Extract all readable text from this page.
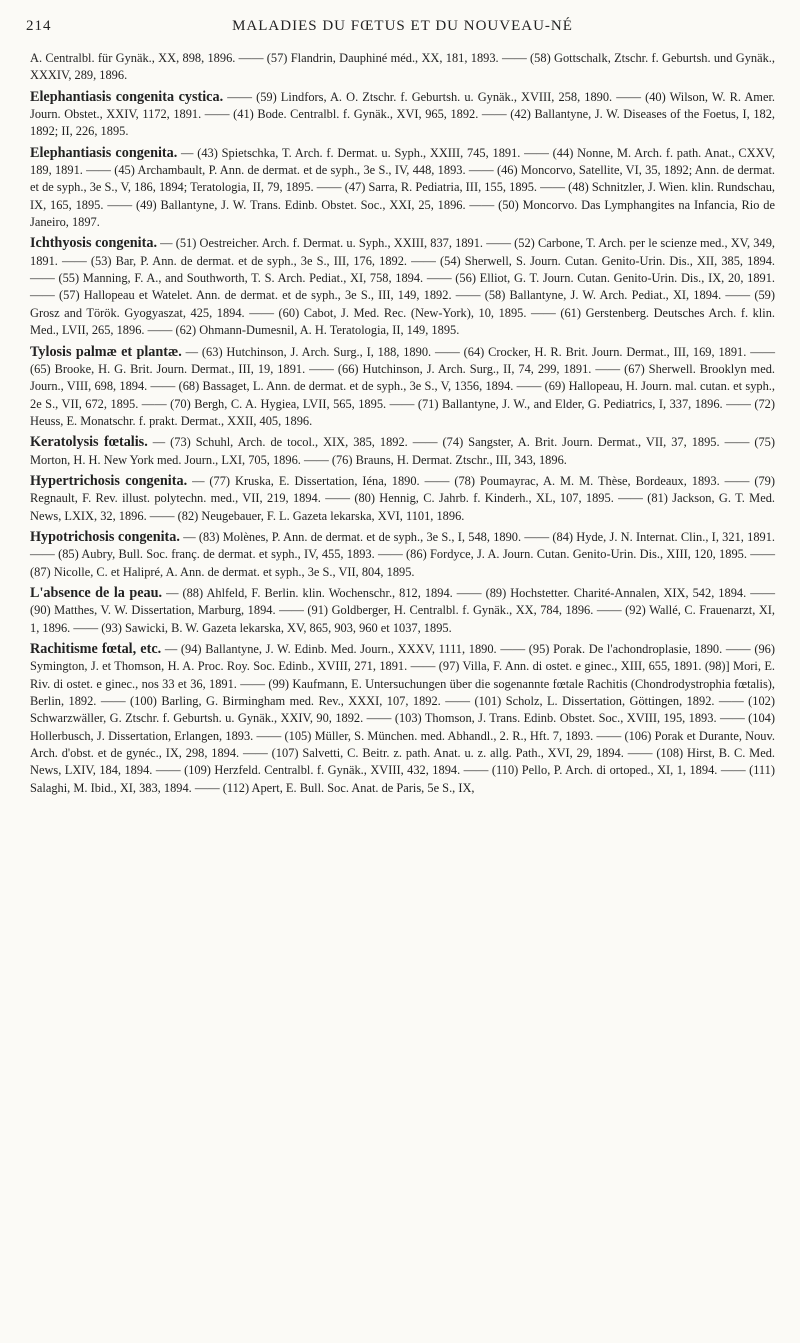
214	MALADIES DU FŒTUS ET DU NOUVEAU-NÉ

A. Centralbl. für Gynäk., XX, 898, 1896. —— (57) Flandrin, Dauphiné méd., XX, 181, 1893. —— (58) Gottschalk, Ztschr. f. Geburtsh. und Gynäk., XXXIV, 289, 1896.

Elephantiasis congenita cystica. —— (59) Lindfors, A. O. Ztschr. f. Geburtsh. u. Gynäk., XVIII, 258, 1890. —— (40) Wilson, W. R. Amer. Journ. Obstet., XXIV, 1172, 1891. —— (41) Bode. Centralbl. f. Gynäk., XVI, 965, 1892. —— (42) Ballantyne, J. W. Diseases of the Foetus, I, 182, 1892; II, 226, 1895.

Elephantiasis congenita. — (43) Spietschka, T. Arch. f. Dermat. u. Syph., XXIII, 745, 1891. —— (44) Nonne, M. Arch. f. path. Anat., CXXV, 189, 1891. —— (45) Archambault, P. Ann. de dermat. et de syph., 3e S., IV, 448, 1893. —— (46) Moncorvo, Satellite, VI, 35, 1892; Ann. de dermat. et de syph., 3e S., V, 186, 1894; Teratologia, II, 79, 1895. —— (47) Sarra, R. Pediatria, III, 155, 1895. —— (48) Schnitzler, J. Wien. klin. Rundschau, IX, 165, 1895. —— (49) Ballantyne, J. W. Trans. Edinb. Obstet. Soc., XXI, 25, 1896. —— (50) Moncorvo. Das Lymphangites na Infancia, Rio de Janeiro, 1897.

Ichthyosis congenita. — (51) Oestreicher. Arch. f. Dermat. u. Syph., XXIII, 837, 1891. —— (52) Carbone, T. Arch. per le scienze med., XV, 349, 1891. —— (53) Bar, P. Ann. de dermat. et de syph., 3e S., III, 176, 1892. —— (54) Sherwell, S. Journ. Cutan. Genito-Urin. Dis., XII, 385, 1894. —— (55) Manning, F. A., and Southworth, T. S. Arch. Pediat., XI, 758, 1894. —— (56) Elliot, G. T. Journ. Cutan. Genito-Urin. Dis., IX, 20, 1891. —— (57) Hallopeau et Watelet. Ann. de dermat. et de syph., 3e S., III, 149, 1892. —— (58) Ballantyne, J. W. Arch. Pediat., XI, 1894. —— (59) Grosz and Török. Gyogyaszat, 425, 1894. —— (60) Cabot, J. Med. Rec. (New-York), 10, 1895. —— (61) Gerstenberg. Deutsches Arch. f. klin. Med., LVII, 265, 1896. —— (62) Ohmann-Dumesnil, A. H. Teratologia, II, 149, 1895.

Tylosis palmæ et plantæ. — (63) Hutchinson, J. Arch. Surg., I, 188, 1890. —— (64) Crocker, H. R. Brit. Journ. Dermat., III, 169, 1891. —— (65) Brooke, H. G. Brit. Journ. Dermat., III, 19, 1891. —— (66) Hutchinson, J. Arch. Surg., II, 74, 299, 1891. —— (67) Sherwell. Brooklyn med. Journ., VIII, 698, 1894. —— (68) Bassaget, L. Ann. de dermat. et de syph., 3e S., V, 1356, 1894. —— (69) Hallopeau, H. Journ. mal. cutan. et syph., 2e S., VII, 672, 1895. —— (70) Bergh, C. A. Hygiea, LVII, 565, 1895. —— (71) Ballantyne, J. W., and Elder, G. Pediatrics, I, 337, 1896. —— (72) Heuss, E. Monatschr. f. prakt. Dermat., XXII, 405, 1896.

Keratolysis fœtalis. — (73) Schuhl, Arch. de tocol., XIX, 385, 1892. —— (74) Sangster, A. Brit. Journ. Dermat., VII, 37, 1895. —— (75) Morton, H. H. New York med. Journ., LXI, 705, 1896. —— (76) Brauns, H. Dermat. Ztschr., III, 343, 1896.

Hypertrichosis congenita. — (77) Kruska, E. Dissertation, Iéna, 1890. —— (78) Poumayrac, A. M. M. Thèse, Bordeaux, 1893. —— (79) Regnault, F. Rev. illust. polytechn. med., VII, 219, 1894. —— (80) Hennig, C. Jahrb. f. Kinderh., XL, 107, 1895. —— (81) Jackson, G. T. Med. News, LXIX, 32, 1896. —— (82) Neugebauer, F. L. Gazeta lekarska, XVI, 1101, 1896.

Hypotrichosis congenita. — (83) Molènes, P. Ann. de dermat. et de syph., 3e S., I, 548, 1890. —— (84) Hyde, J. N. Internat. Clin., I, 321, 1891. —— (85) Aubry, Bull. Soc. franç. de dermat. et syph., IV, 455, 1893. —— (86) Fordyce, J. A. Journ. Cutan. Genito-Urin. Dis., XIII, 120, 1895. —— (87) Nicolle, C. et Halipré, A. Ann. de dermat. et syph., 3e S., VII, 804, 1895.

L'absence de la peau. — (88) Ahlfeld, F. Berlin. klin. Wochenschr., 812, 1894. —— (89) Hochstetter. Charité-Annalen, XIX, 542, 1894. —— (90) Matthes, V. W. Dissertation, Marburg, 1894. —— (91) Goldberger, H. Centralbl. f. Gynäk., XX, 784, 1896. —— (92) Wallé, C. Frauenarzt, XI, 1, 1896. —— (93) Sawicki, B. W. Gazeta lekarska, XV, 865, 903, 960 et 1037, 1895.

Rachitisme fœtal, etc. — (94) Ballantyne, J. W. Edinb. Med. Journ., XXXV, 1111, 1890. —— (95) Porak. De l'achondroplasie, 1890. —— (96) Symington, J. et Thomson, H. A. Proc. Roy. Soc. Edinb., XVIII, 271, 1891. —— (97) Villa, F. Ann. di ostet. e ginec., XIII, 655, 1891. (98)] Mori, E. Riv. di ostet. e ginec., nos 33 et 36, 1891. —— (99) Kaufmann, E. Untersuchungen über die sogenannte fœtale Rachitis (Chondrodystrophia fœtalis), Berlin, 1892. —— (100) Barling, G. Birmingham med. Rev., XXXI, 107, 1892. —— (101) Scholz, L. Dissertation, Göttingen, 1892. —— (102) Schwarzwäller, G. Ztschr. f. Geburtsh. u. Gynäk., XXIV, 90, 1892. —— (103) Thomson, J. Trans. Edinb. Obstet. Soc., XVIII, 195, 1893. —— (104) Hollerbusch, J. Dissertation, Erlangen, 1893. —— (105) Müller, S. München. med. Abhandl., 2. R., Hft. 7, 1893. —— (106) Porak et Durante, Nouv. Arch. d'obst. et de gynéc., IX, 298, 1894. —— (107) Salvetti, C. Beitr. z. path. Anat. u. z. allg. Path., XVI, 29, 1894. —— (108) Hirst, B. C. Med. News, LXIV, 184, 1894. —— (109) Herzfeld. Centralbl. f. Gynäk., XVIII, 432, 1894. —— (110) Pello, P. Arch. di ortoped., XI, 1, 1894. —— (111) Salaghi, M. Ibid., XI, 383, 1894. —— (112) Apert, E. Bull. Soc. Anat. de Paris, 5e S., IX,
